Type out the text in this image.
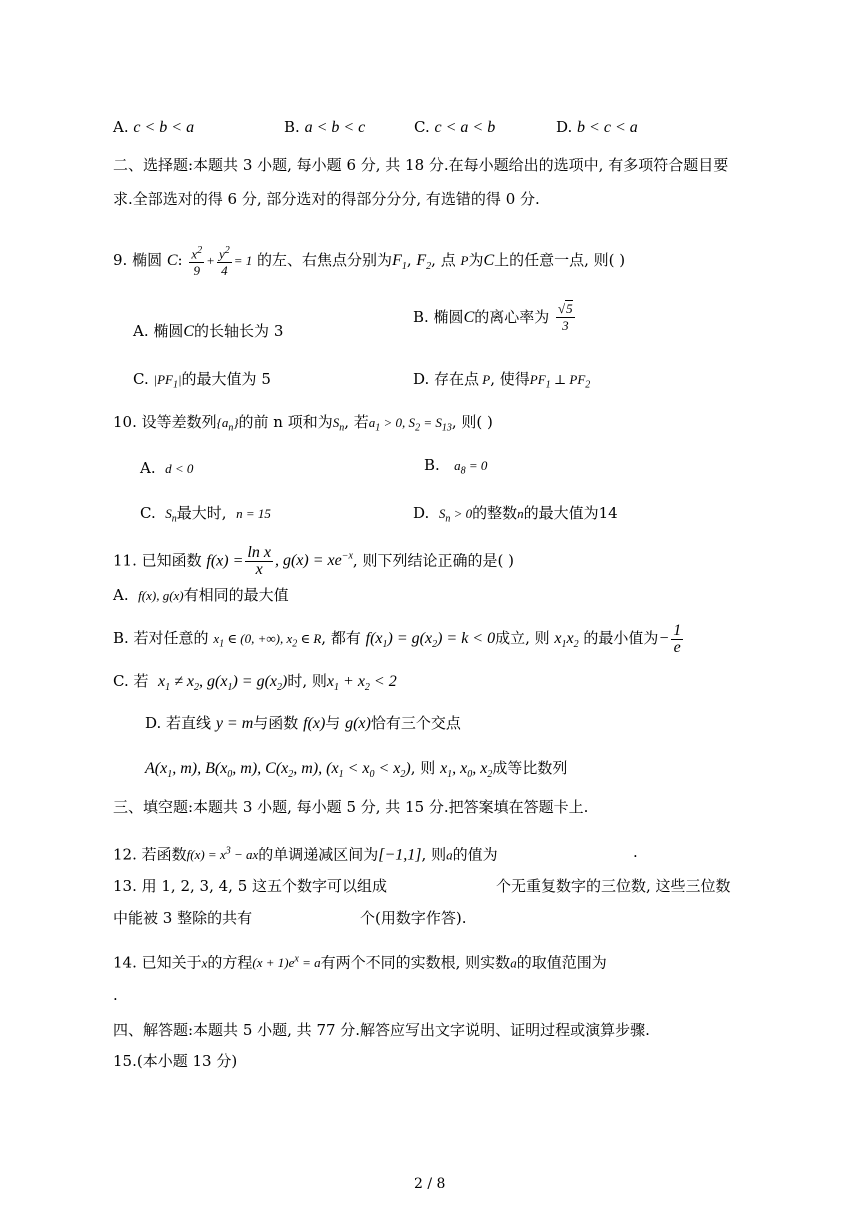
A. c < b < a	B. a < b < c	C. c < a < b	D. b < c < a
二、选择题:本题共 3 小题, 每小题 6 分, 共 18 分.在每小题给出的选项中, 有多项符合题目要
求.全部选对的得 6 分, 部分选对的得部分分分, 有选错的得 0 分.
9. 椭圆 C: $\frac{x^2}{9} + \frac{y^2}{4} = 1$ 的左、右焦点分别为$F_1$, $F_2$, 点 P为C上的任意一点, 则( )
A. 椭圆C的长轴长为 3
B. 椭圆C的离心率为 $\frac{√5}{3}$
C. $|PF_1|$的最大值为 5	D. 存在点 P, 使得$PF_1$ ⊥ $PF_2$
10. 设等差数列$\{a_n\}$的前 n 项和为$S_n$, 若$a_1 > 0$, $S_2 = S_{13}$, 则( )
A. d < 0	B. $a_8 = 0$
C. $S_n$最大时, n = 15	D. $S_n > 0$的整数n的最大值为14
11. 已知函数 $f(x) = \frac{\text{ln x}}{x}$ , $g(x) = xe^{-x}$, 则下列结论正确的是( )
A. f(x), g(x)有相同的最大值
B. 若对任意的 $x_1$ ∈ (0, +∞), $x_2$ ∈ R, 都有 $f(x_1) = g(x_2) = k < 0$成立, 则 $x_1x_2$ 的最小值为− $\frac{1}{e}$
C. 若 $x_1 \ne x_2$, $g(x_1) = g(x_2)$时, 则$x_1 + x_2 < 2$
D. 若直线 y = m与函数 f(x)与 g(x)恰有三个交点
$A(x_1$, m), $B(x_0$, m), $C(x_2$, m), $(x_1 < x_0 < x_2)$, 则 $x_1$, $x_0$, $x_2$成等比数列
三、填空题:本题共 3 小题, 每小题 5 分, 共 15 分.把答案填在答题卡上.
12. 若函数$f(x) = x^3$ − ax的单调递减区间为[−1,1], 则a的值为	.
13. 用 1, 2, 3, 4, 5 这五个数字可以组成	个无重复数字的三位数, 这些三位数
中能被 3 整除的共有	个(用数字作答).
14. 已知关于x的方程$(x + 1)e^x = a$有两个不同的实数根, 则实数a的取值范围为
.
四、解答题:本题共 5 小题, 共 77 分.解答应写出文字说明、证明过程或演算步骤.
15.(本小题 13 分)
2 / 8
